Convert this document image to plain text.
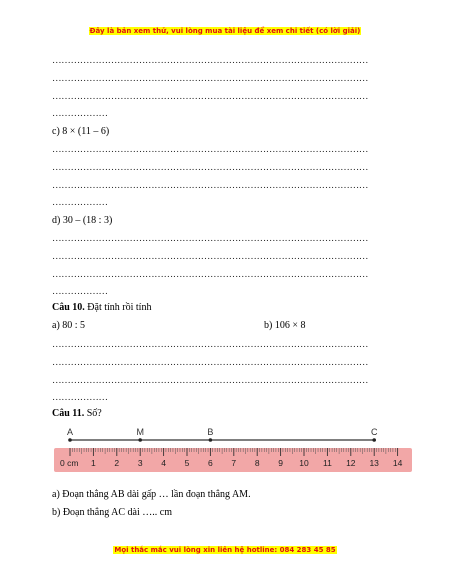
Đây là bản xem thử, vui lòng mua tài liệu để xem chi tiết (có lời giải)
…………………………………………………………………………………………
…………………………………………………………………………………………
…………………………………………………………………………………………
………………
c) 8 × (11 – 6)
…………………………………………………………………………………………
…………………………………………………………………………………………
…………………………………………………………………………………………
………………
d) 30 – (18 : 3)
…………………………………………………………………………………………
…………………………………………………………………………………………
…………………………………………………………………………………………
………………
Câu 10. Đặt tính rồi tính
a) 80 : 5	b) 106 × 8
…………………………………………………………………………………………
…………………………………………………………………………………………
…………………………………………………………………………………………
………………
Câu 11. Số?
A	M	B	C
0 cm 1 2 3 4 5 6 7 8 9 10 11 12 13 14
a) Đoạn thẳng AB dài gấp … lần đoạn thẳng AM.
b) Đoạn thẳng AC dài ….. cm
Mọi thắc mắc vui lòng xin liên hệ hotline: 084 283 45 85
